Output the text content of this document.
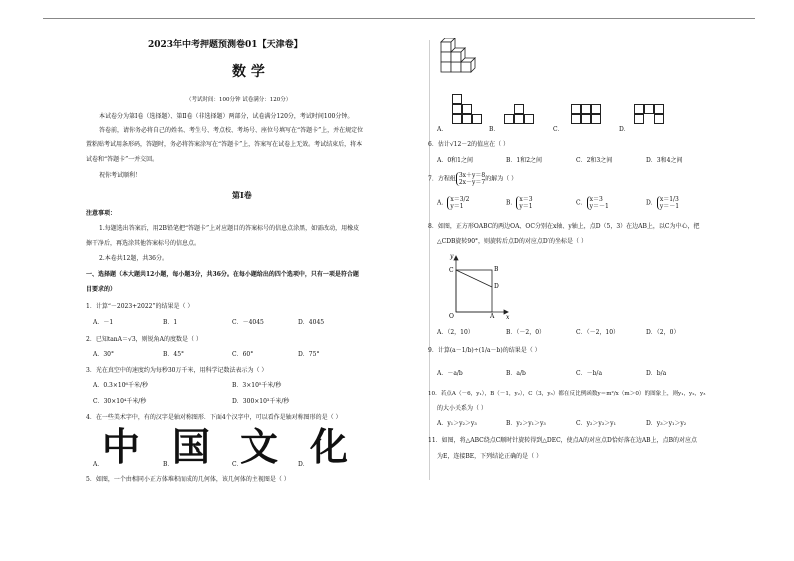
2023年中考押题预测卷01【天津卷】
数 学
（考试时间：100分钟 试卷满分：120分）
本试卷分为第Ⅰ卷（选择题）、第Ⅱ卷（非选择题）两部分，试卷满分120分，考试时间100分钟。
答卷前，请你务必将自己的姓名、考生号、考点校、考场号、座位号填写在“答题卡”上，并在规定位
置粘贴考试用条形码，答题时，务必将答案涂写在“答题卡”上，答案写在试卷上无效。考试结束后，将本
试卷和“答题卡”一并交回。
祝你考试顺利！
第Ⅰ卷
注意事项：
1.每题选出答案后，用2B铅笔把“答题卡”上对应题目的答案标号的信息点涂黑，如需改动，用橡皮
擦干净后，再选涂其他答案标号的信息点。
2.本卷共12题，共36分。
一、选择题（本大题共12小题，每小题3分，共36分。在每小题给出的四个选项中，只有一项是符合题
目要求的）
1．计算“－2023+2022”的结果是（ ）
A．－1	B．1	C．－4045	D．4045
2．已知tanA＝√3，则锐角A的度数是（ ）
A．30°	B．45°	C．60°	D．75°
3．光在真空中的速度约为每秒30万千米，用科学记数法表示为（ ）
A．0.3×10⁶千米/秒	B．3×10⁵千米/秒
C．30×10⁴千米/秒	D．300×10³千米/秒
4．在一些美术字中，有的汉字是轴对称图形．下面4个汉字中，可以看作是轴对称图形的是（ ）
中 国 文 化
A．	B．	C．	D．
5．如图，一个由相同小正方体堆积而成的几何体，该几何体的主视图是（ ）
A．	B．	C．	D．
6．估计√12－2的值应在（ ）
A．0和1之间	B．1和2之间	C．2和3之间	D．3和4之间
7．方程组 3x＋y＝8
2x－y＝7的解为（ ）
A． x＝3/2
y＝1	B． x＝3
y＝1	C． x＝3
y＝－1	D． x＝1/3
y＝－1
8．如图，正方形OABC的两边OA、OC分别在x轴、y轴上，点D（5，3）在边AB上，以C为中心，把
△CDB旋转90°，则旋转后点D的对应点D′的坐标是（ ）
y
x
C	B
D
O	A
A．（2，10）	B．（－2，0）	C．（－2，10）	D．（2，0）
9．计算(a－1/b)÷(1/a－b)的结果是（ ）
A．－a/b	B．a/b	C．－b/a	D．b/a
10．若点A（－6，y₁），B（－1，y₂），C（3，y₃）都在反比例函数y＝m²/x（m＞0）的图象上，则y₁，y₂，y₃
的大小关系为（ ）
A．y₁＞y₂＞y₃	B．y₂＞y₁＞y₃	C．y₂＞y₃＞y₁	D．y₃＞y₁＞y₂
11．如图，将△ABC绕点C顺时针旋转得到△DEC，使点A的对应点D恰好落在边AB上，点B的对应点
为E，连接BE，下列结论正确的是（ ）
